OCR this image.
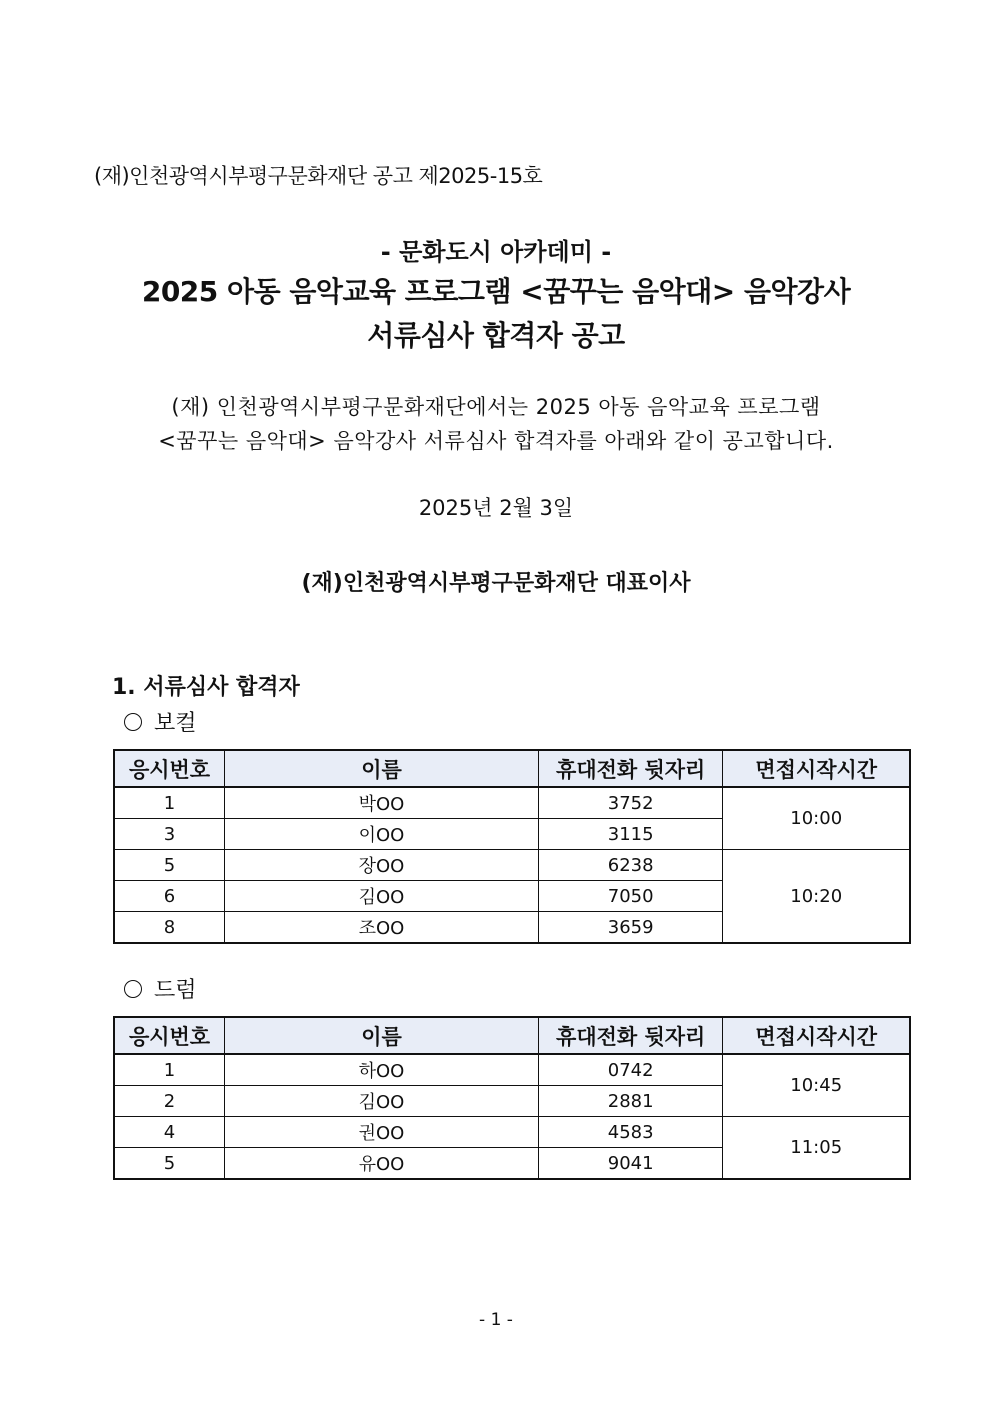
(재)인천광역시부평구문화재단 공고 제2025-15호
- 문화도시 아카데미 -
2025 아동 음악교육 프로그램 <꿈꾸는 음악대> 음악강사
서류심사 합격자 공고
(재) 인천광역시부평구문화재단에서는 2025 아동 음악교육 프로그램
<꿈꾸는 음악대> 음악강사 서류심사 합격자를 아래와 같이 공고합니다.
2025년 2월 3일
(재)인천광역시부평구문화재단 대표이사
1. 서류심사 합격자
보컬
응시번호	이름	휴대전화 뒷자리	면접시작시간
1	박OO	3752	10:00
3	이OO	3115	
5	장OO	6238	10:20
6	김OO	7050	
8	조OO	3659	
드럼
응시번호	이름	휴대전화 뒷자리	면접시작시간
1	하OO	0742	10:45
2	김OO	2881	
4	권OO	4583	11:05
5	유OO	9041	
- 1 -
